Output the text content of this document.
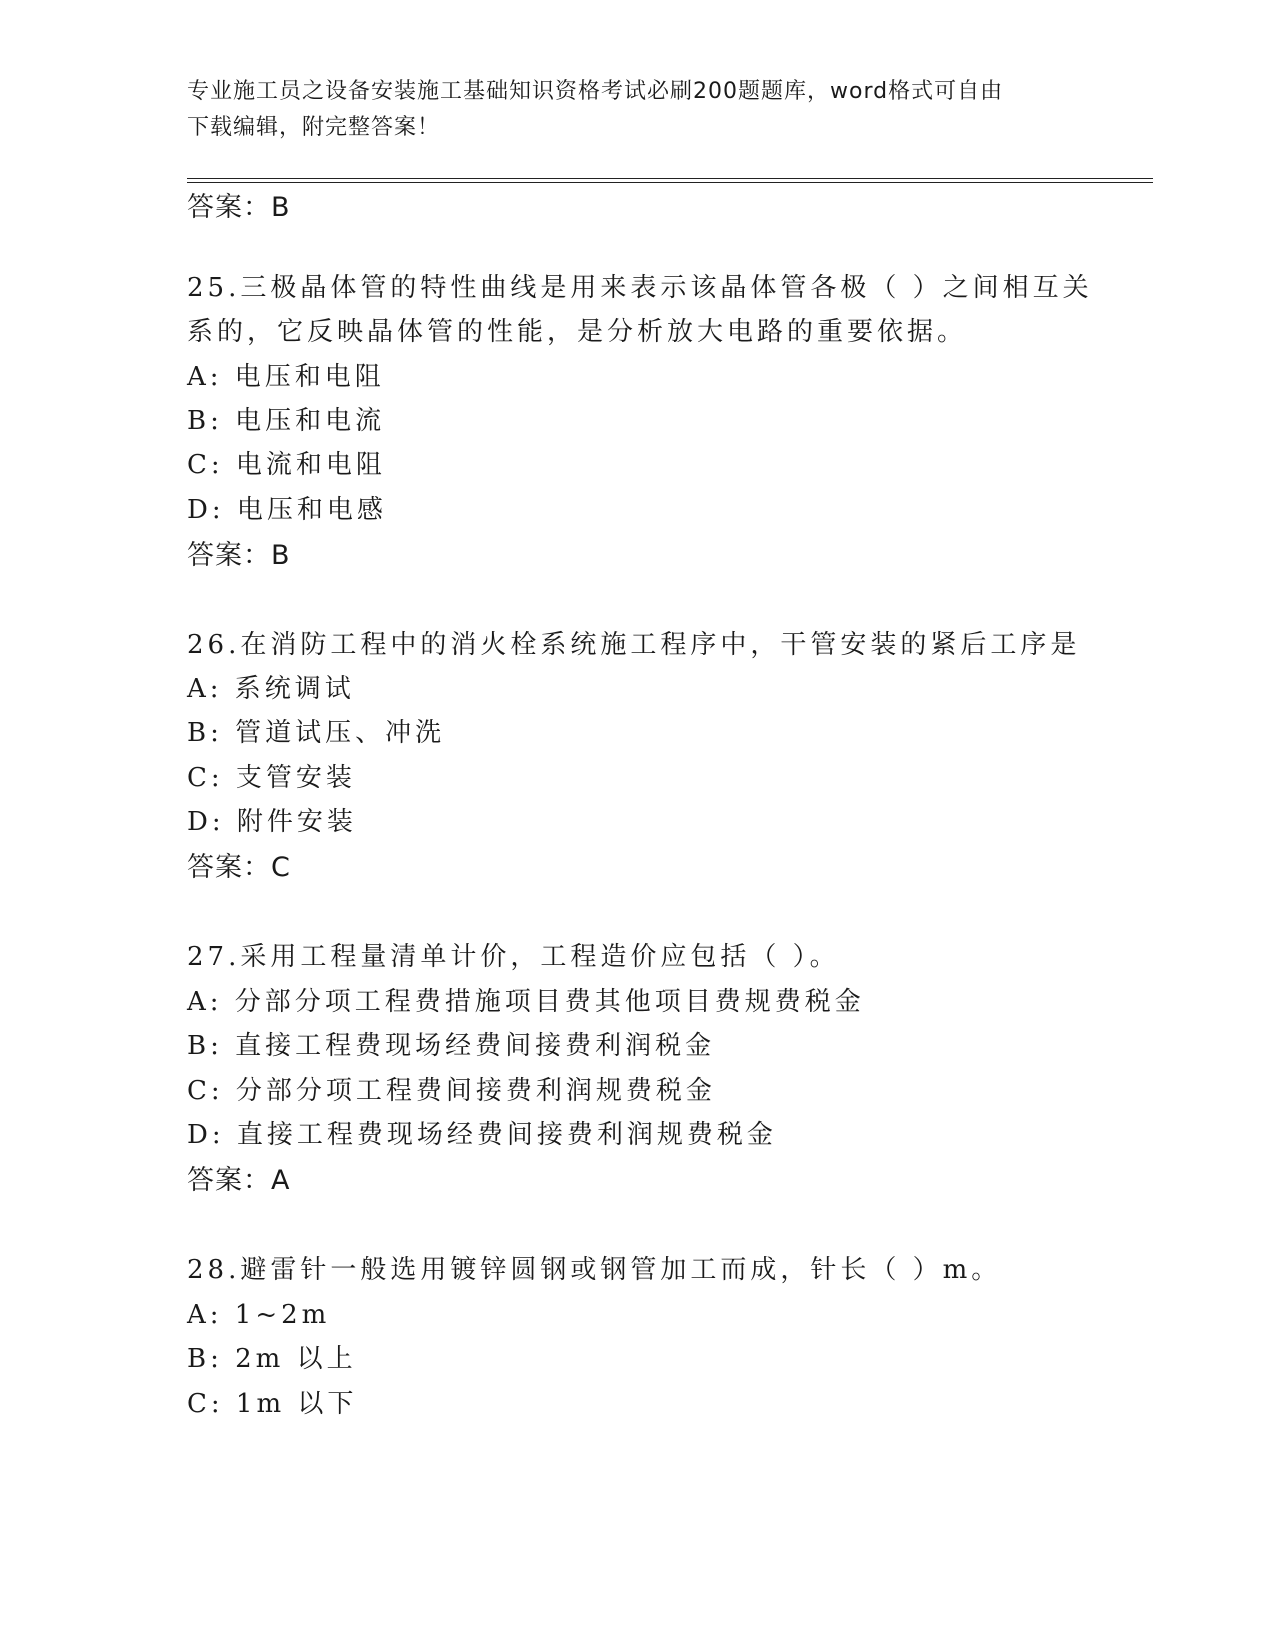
专业施工员之设备安装施工基础知识资格考试必刷200题题库，word格式可自由
下载编辑，附完整答案！
答案：B
25.三极晶体管的特性曲线是用来表示该晶体管各极（ ）之间相互关
系的，它反映晶体管的性能，是分析放大电路的重要依据。
A: 电压和电阻
B: 电压和电流
C: 电流和电阻
D: 电压和电感
答案：B
26.在消防工程中的消火栓系统施工程序中，干管安装的紧后工序是
A: 系统调试
B: 管道试压、冲洗
C: 支管安装
D: 附件安装
答案：C
27.采用工程量清单计价，工程造价应包括（ ）。
A: 分部分项工程费措施项目费其他项目费规费税金
B: 直接工程费现场经费间接费利润税金
C: 分部分项工程费间接费利润规费税金
D: 直接工程费现场经费间接费利润规费税金
答案：A
28.避雷针一般选用镀锌圆钢或钢管加工而成，针长（ ）m。
A: 1~2m
B: 2m 以上
C: 1m 以下
